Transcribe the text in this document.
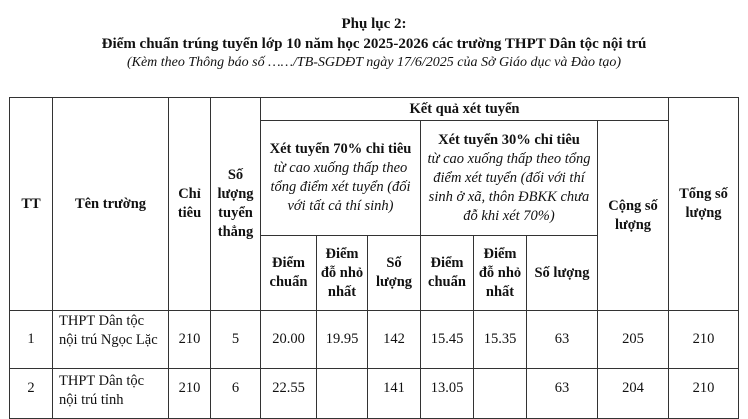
Phụ lục 2:
Điểm chuẩn trúng tuyển lớp 10 năm học 2025-2026 các trường THPT Dân tộc nội trú
(Kèm theo Thông báo số ……/TB-SGDĐT ngày 17/6/2025 của Sở Giáo dục và Đào tạo)
TT	Tên trường	Chỉ tiêu	Số lượng tuyển thẳng	Kết quả xét tuyển							Tổng số lượng

				Xét tuyển 70% chỉ tiêu
từ cao xuống thấp theo tổng điểm xét tuyển (đối với tất cả thí sinh)			Xét tuyển 30% chỉ tiêu
từ cao xuống thấp theo tổng điểm xét tuyển (đối với thí sinh ở xã, thôn ĐBKK chưa đỗ khi xét 70%)			Cộng số lượng	
				Điểm chuẩn	Điểm đỗ nhỏ nhất	Số lượng	Điểm chuẩn	Điểm đỗ nhỏ nhất	Số lượng		
1	THPT Dân tộc nội trú Ngọc Lặc	210	5	20.00	19.95	142	15.45	15.35	63	205	210
2	THPT Dân tộc nội trú tỉnh	210	6	22.55		141	13.05		63	204	210
